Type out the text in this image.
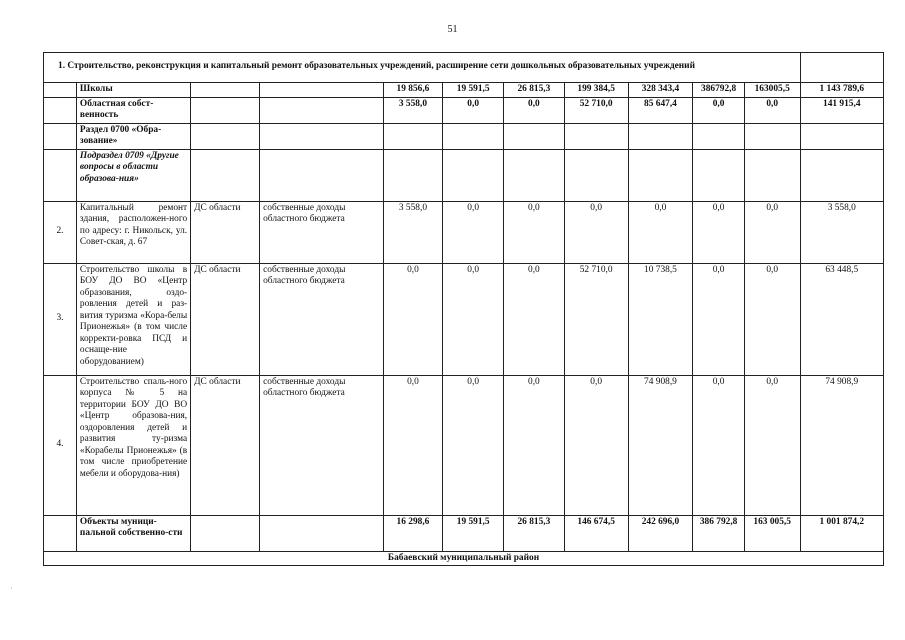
51
1. Строительство, реконструкция и капитальный ремонт образовательных учреждений, расширение сети дошкольных образовательных учреждений											
	Школы			19 856,6	19 591,5	26 815,3	199 384,5	328 343,4	386792,8	163005,5	1 143 789,6
	Областная собст-венность			3 558,0	0,0	0,0	52 710,0	85 647,4	0,0	0,0	141 915,4
	Раздел 0700 «Обра-зование»										
	Подраздел 0709 «Другие вопросы в области образова-ния»										
2.	Капитальный ремонт здания, расположен-ного по адресу: г. Никольск, ул. Совет-ская, д. 67	ДС области	собственные доходы областного бюджета	3 558,0	0,0	0,0	0,0	0,0	0,0	0,0	3 558,0
3.	Строительство школы в БОУ ДО ВО «Центр образования, оздо-ровления детей и раз-вития туризма «Кора-белы Прионежья» (в том числе корректи-ровка ПСД и оснаще-ние оборудованием)	ДС области	собственные доходы областного бюджета	0,0	0,0	0,0	52 710,0	10 738,5	0,0	0,0	63 448,5
4.	Строительство спаль-ного корпуса № 5 на территории БОУ ДО ВО «Центр образова-ния, оздоровления детей и развития ту-ризма «Корабелы Прионежья» (в том числе приобретение мебели и оборудова-ния)	ДС области	собственные доходы областного бюджета	0,0	0,0	0,0	0,0	74 908,9	0,0	0,0	74 908,9
	Объекты муници-пальной собственно-сти			16 298,6	19 591,5	26 815,3	146 674,5	242 696,0	386 792,8	163 005,5	1 001 874,2
Бабаевский муниципальный район											
·
